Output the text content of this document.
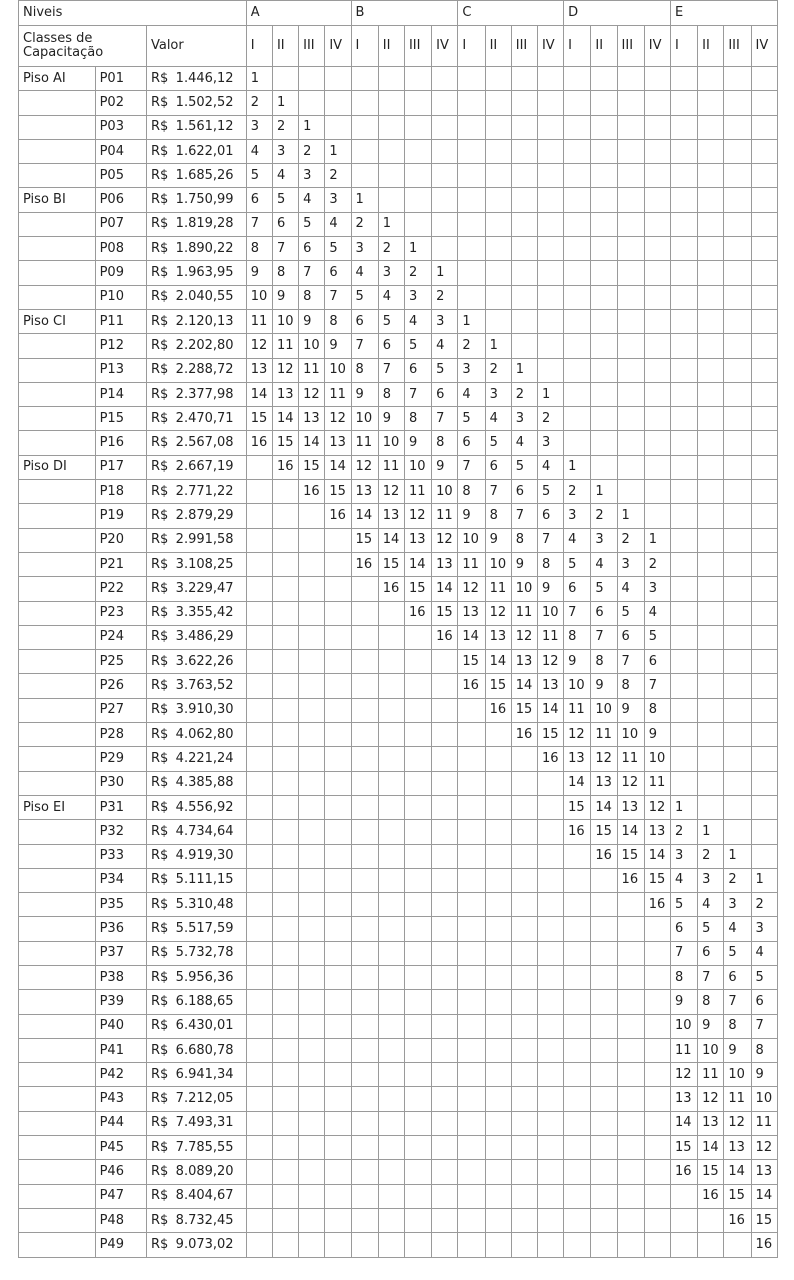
Niveis				A				B				C				D				E			
Classes de Capacitação		Valor		I	II	III	IV	I	II	III	IV	I	II	III	IV	I	II	III	IV	I	II	III	IV
Piso AI	P01	R$	1.446,12	1																			
	P02	R$	1.502,52	2	1																		
	P03	R$	1.561,12	3	2	1																	
	P04	R$	1.622,01	4	3	2	1																
	P05	R$	1.685,26	5	4	3	2																
Piso BI	P06	R$	1.750,99	6	5	4	3	1															
	P07	R$	1.819,28	7	6	5	4	2	1														
	P08	R$	1.890,22	8	7	6	5	3	2	1													
	P09	R$	1.963,95	9	8	7	6	4	3	2	1												
	P10	R$	2.040,55	10	9	8	7	5	4	3	2												
Piso CI	P11	R$	2.120,13	11	10	9	8	6	5	4	3	1											
	P12	R$	2.202,80	12	11	10	9	7	6	5	4	2	1										
	P13	R$	2.288,72	13	12	11	10	8	7	6	5	3	2	1									
	P14	R$	2.377,98	14	13	12	11	9	8	7	6	4	3	2	1								
	P15	R$	2.470,71	15	14	13	12	10	9	8	7	5	4	3	2								
	P16	R$	2.567,08	16	15	14	13	11	10	9	8	6	5	4	3								
Piso DI	P17	R$	2.667,19		16	15	14	12	11	10	9	7	6	5	4	1							
	P18	R$	2.771,22			16	15	13	12	11	10	8	7	6	5	2	1						
	P19	R$	2.879,29				16	14	13	12	11	9	8	7	6	3	2	1					
	P20	R$	2.991,58					15	14	13	12	10	9	8	7	4	3	2	1				
	P21	R$	3.108,25					16	15	14	13	11	10	9	8	5	4	3	2				
	P22	R$	3.229,47						16	15	14	12	11	10	9	6	5	4	3				
	P23	R$	3.355,42							16	15	13	12	11	10	7	6	5	4				
	P24	R$	3.486,29								16	14	13	12	11	8	7	6	5				
	P25	R$	3.622,26									15	14	13	12	9	8	7	6				
	P26	R$	3.763,52									16	15	14	13	10	9	8	7				
	P27	R$	3.910,30										16	15	14	11	10	9	8				
	P28	R$	4.062,80											16	15	12	11	10	9				
	P29	R$	4.221,24												16	13	12	11	10				
	P30	R$	4.385,88													14	13	12	11				
Piso EI	P31	R$	4.556,92													15	14	13	12	1			
	P32	R$	4.734,64													16	15	14	13	2	1		
	P33	R$	4.919,30														16	15	14	3	2	1	
	P34	R$	5.111,15															16	15	4	3	2	1
	P35	R$	5.310,48																16	5	4	3	2
	P36	R$	5.517,59																	6	5	4	3
	P37	R$	5.732,78																	7	6	5	4
	P38	R$	5.956,36																	8	7	6	5
	P39	R$	6.188,65																	9	8	7	6
	P40	R$	6.430,01																	10	9	8	7
	P41	R$	6.680,78																	11	10	9	8
	P42	R$	6.941,34																	12	11	10	9
	P43	R$	7.212,05																	13	12	11	10
	P44	R$	7.493,31																	14	13	12	11
	P45	R$	7.785,55																	15	14	13	12
	P46	R$	8.089,20																	16	15	14	13
	P47	R$	8.404,67																		16	15	14
	P48	R$	8.732,45																			16	15
	P49	R$	9.073,02																				16
